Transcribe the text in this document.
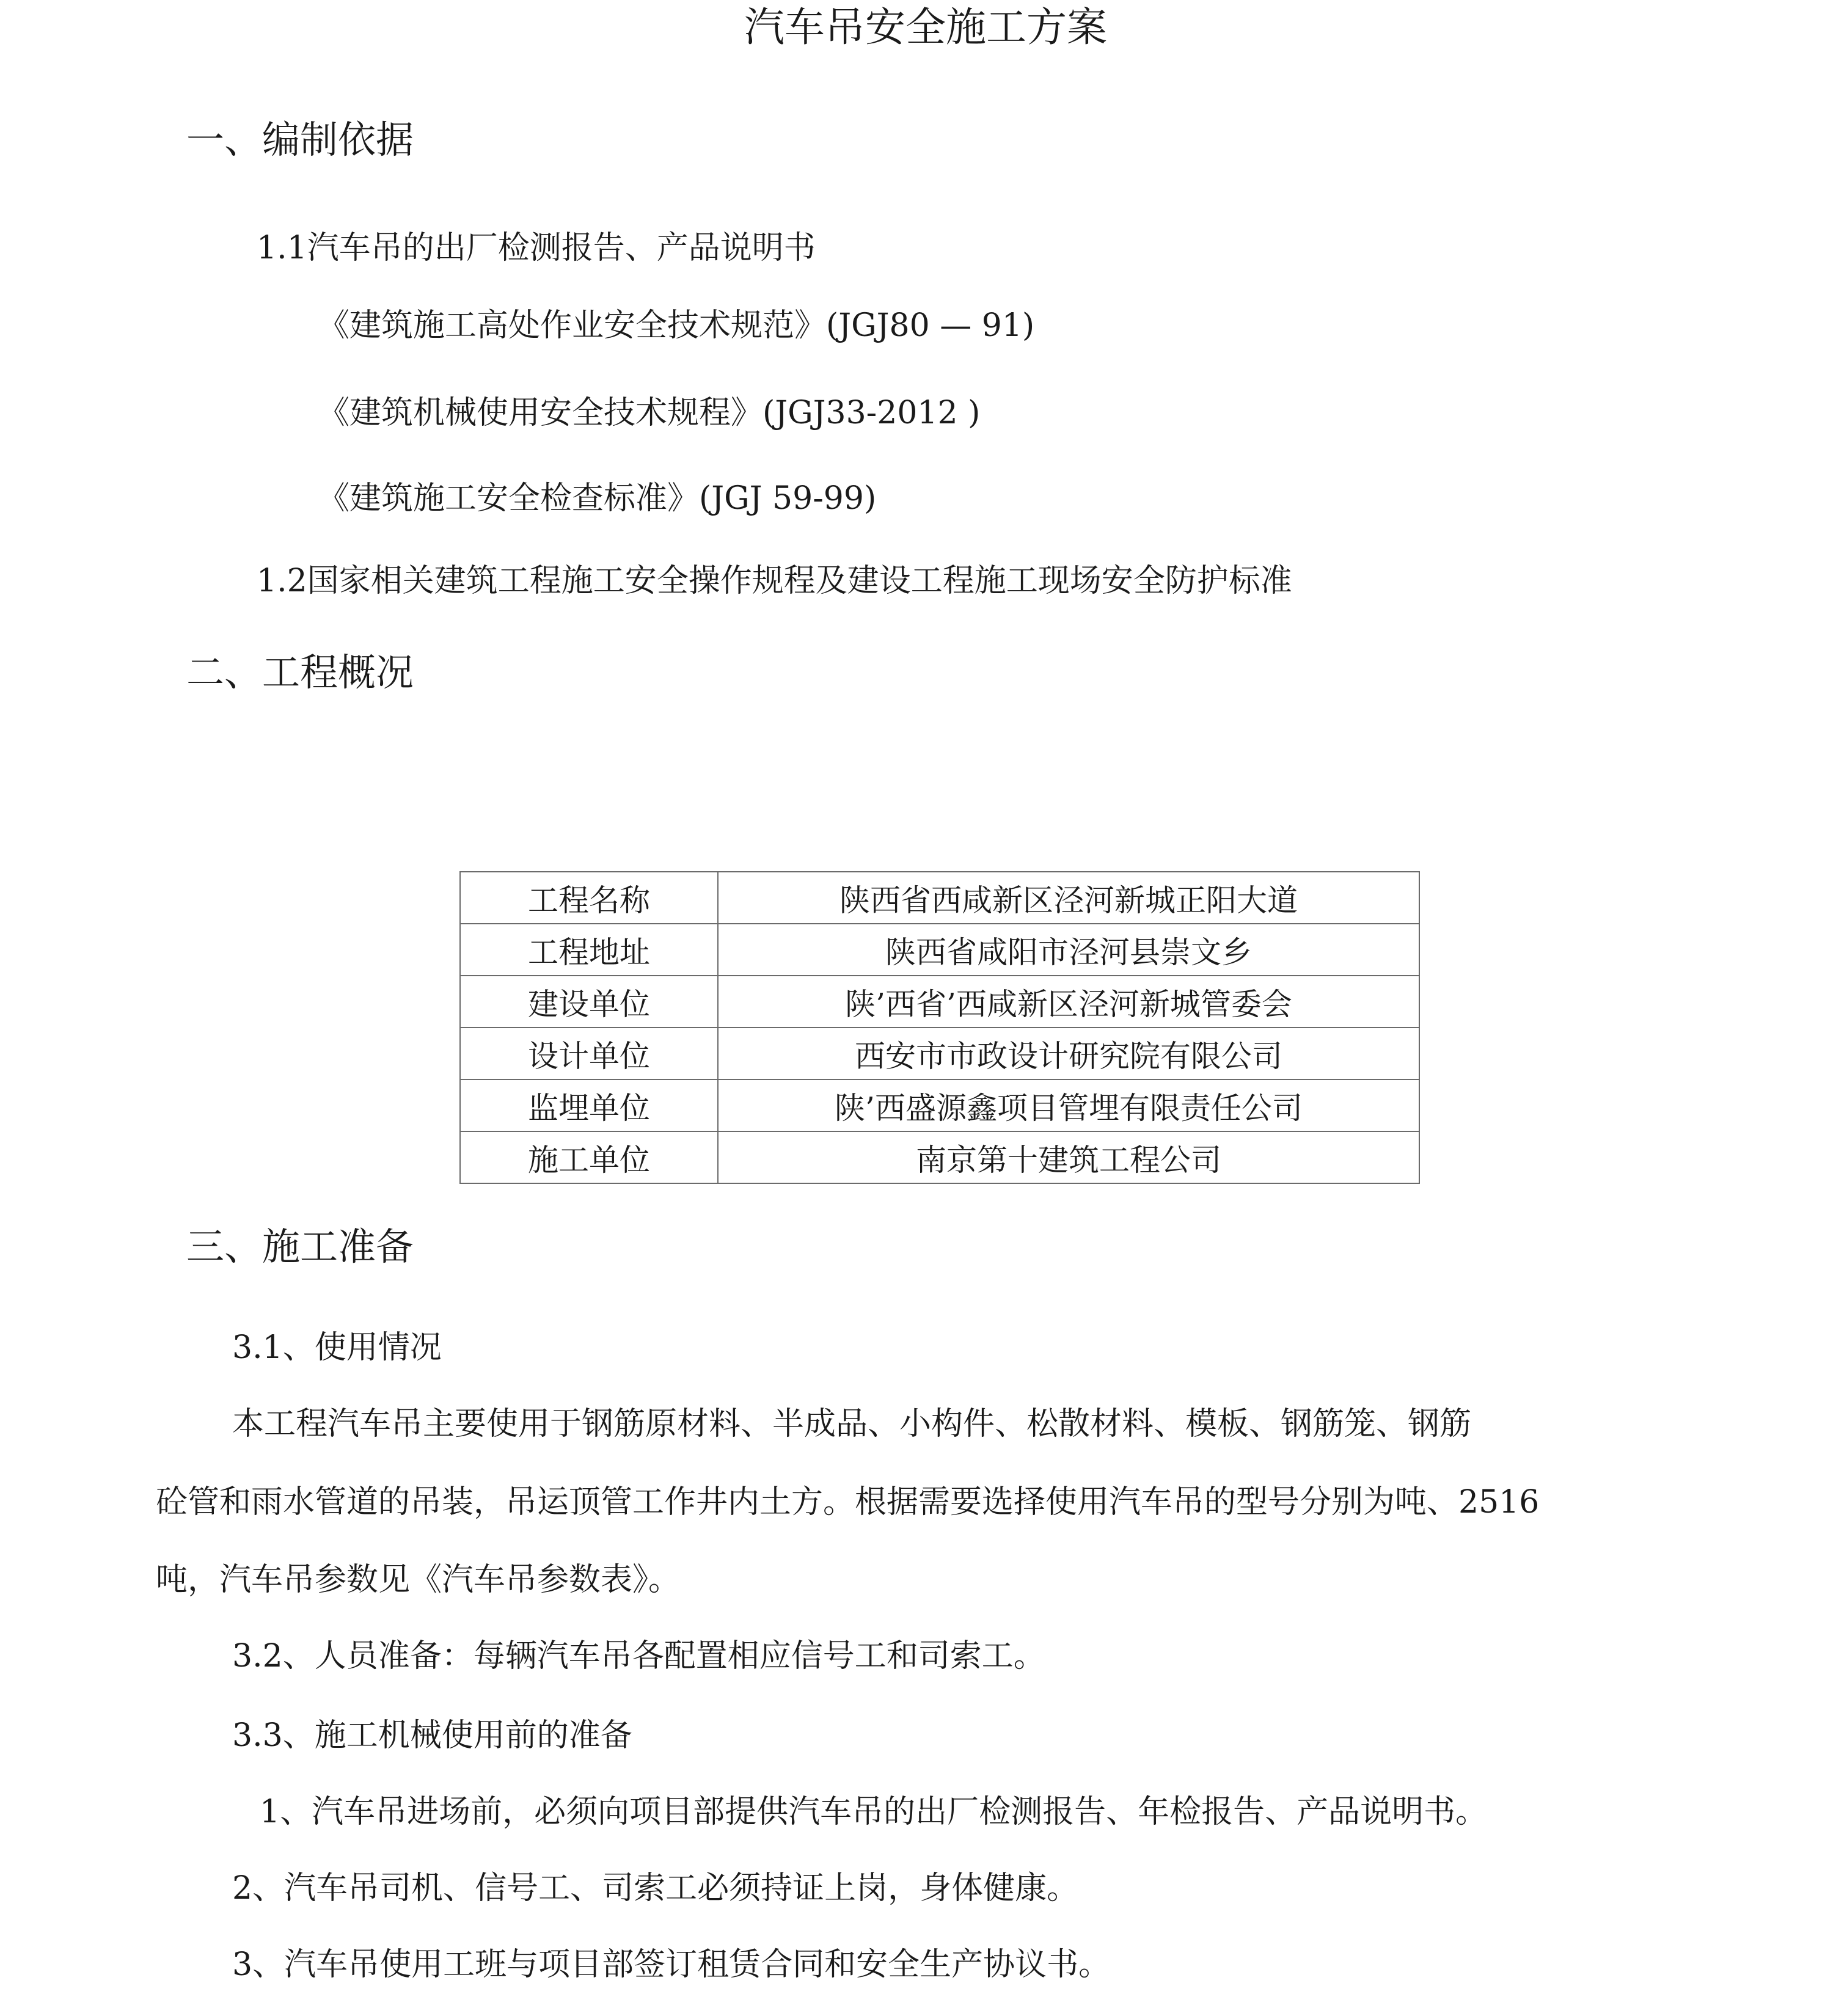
汽车吊安全施工方案
一、编制依据
1.1汽车吊的出厂检测报告、产品说明书
《建筑施工高处作业安全技术规范》(JGJ80 — 91)
《建筑机械使用安全技术规程》(JGJ33-2012 )
《建筑施工安全检查标准》(JGJ 59-99)
1.2国家相关建筑工程施工安全操作规程及建设工程施工现场安全防护标准
二、工程概况
工程名称	陕西省西咸新区泾河新城正阳大道
工程地址	陕西省咸阳市泾河县崇文乡
建设单位	陕’西省’西咸新区泾河新城管委会
设计单位	西安市市政设计研究院有限公司
监埋单位	陕’西盛源鑫项目管埋有限责任公司
施工单位	南京第十建筑工程公司
三、施工准备
3.1、使用情况
本工程汽车吊主要使用于钢筋原材料、半成品、小构件、松散材料、模板、钢筋笼、钢筋
砼管和雨水管道的吊装，吊运顶管工作井内土方。根据需要选择使用汽车吊的型号分别为吨、2516
吨，汽车吊参数见《汽车吊参数表》。
3.2、人员准备：每辆汽车吊各配置相应信号工和司索工。
3.3、施工机械使用前的准备
1、汽车吊进场前，必须向项目部提供汽车吊的出厂检测报告、年检报告、产品说明书。
2、汽车吊司机、信号工、司索工必须持证上岗，身体健康。
3、汽车吊使用工班与项目部签订租赁合同和安全生产协议书。
